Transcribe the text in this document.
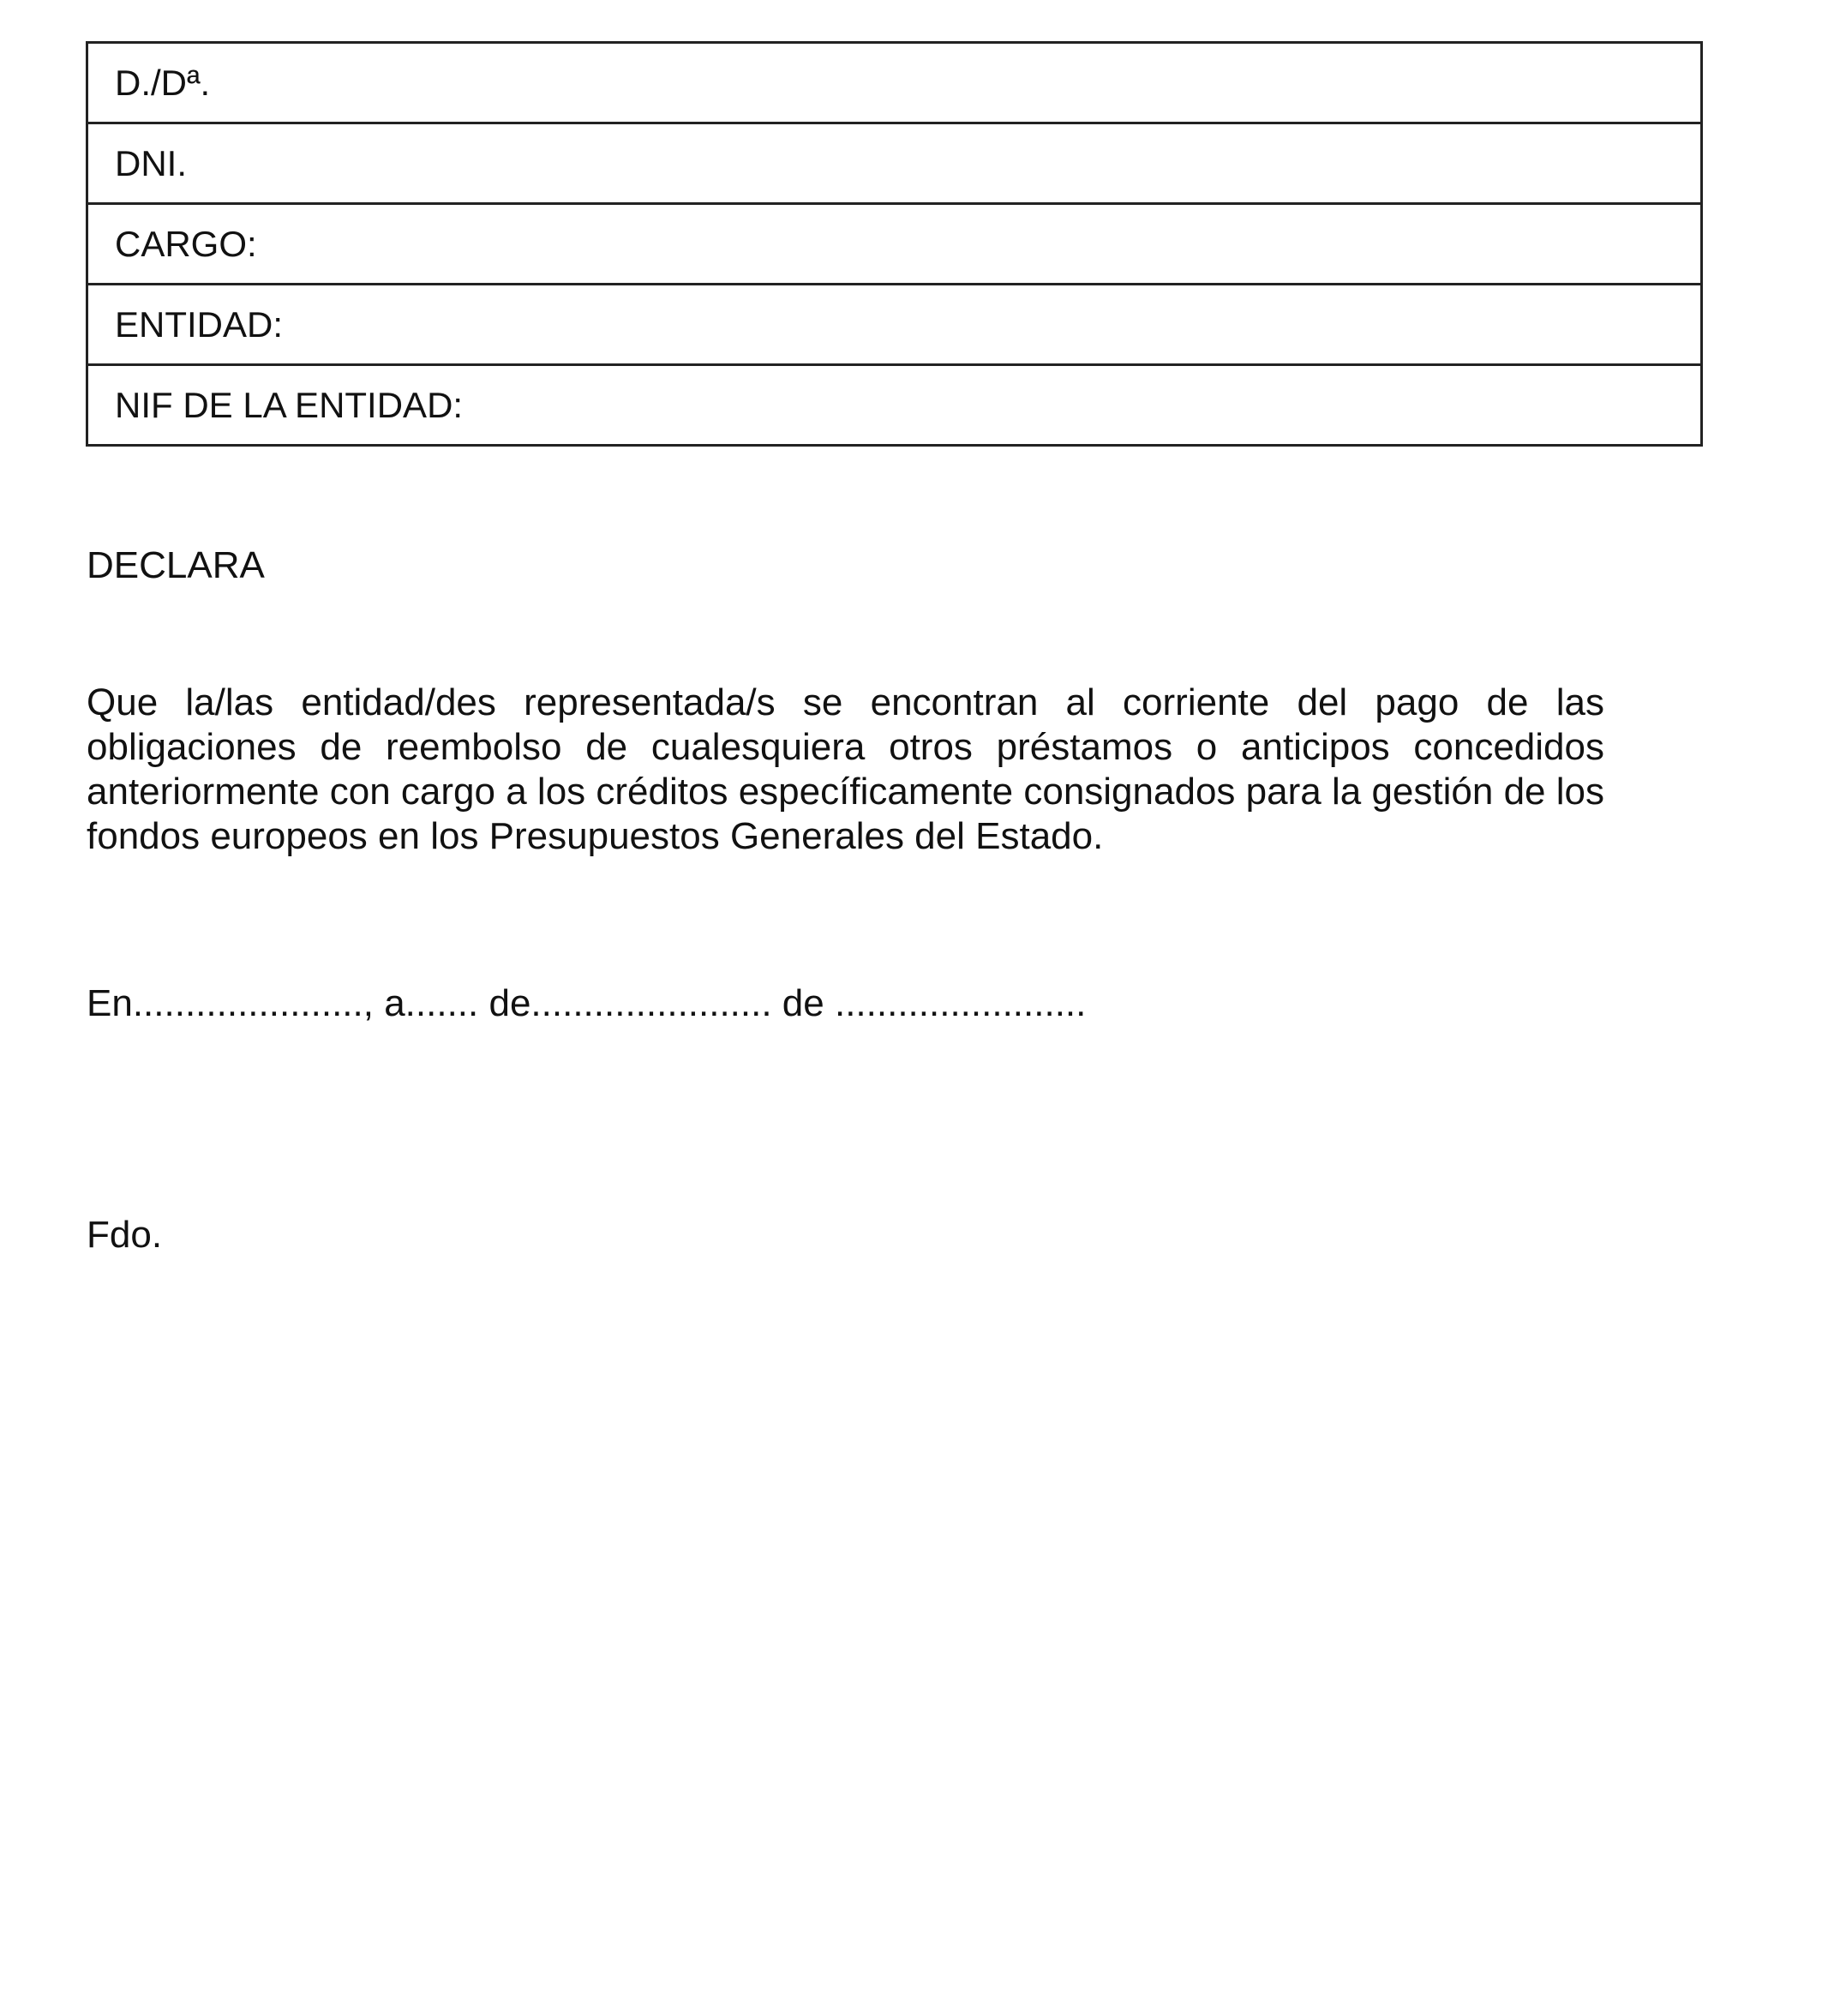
D./Dª.
DNI.
CARGO:
ENTIDAD:
NIF DE LA ENTIDAD:

DECLARA

Que la/las entidad/des representada/s se encontran al corriente del pago de las obligaciones de reembolso de cualesquiera otros préstamos o anticipos concedidos anteriormente con cargo a los créditos específicamente consignados para la gestión de los fondos europeos en los Presupuestos Generales del Estado.

En......................, a....... de....................... de ........................

Fdo.
